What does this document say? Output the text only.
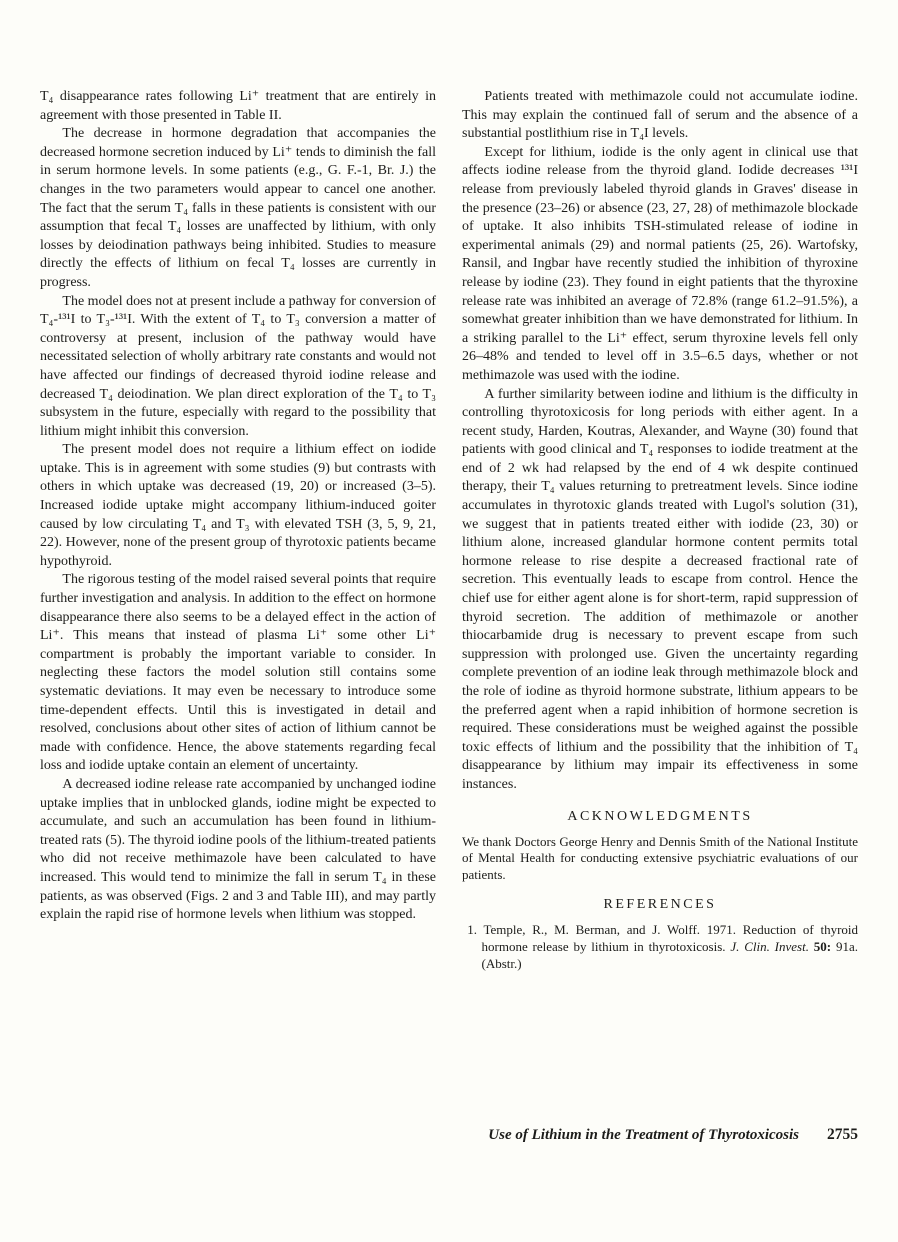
T₄ disappearance rates following Li⁺ treatment that are entirely in agreement with those presented in Table II.

The decrease in hormone degradation that accompanies the decreased hormone secretion induced by Li⁺ tends to diminish the fall in serum hormone levels. In some patients (e.g., G. F.-1, Br. J.) the changes in the two parameters would appear to cancel one another. The fact that the serum T₄ falls in these patients is consistent with our assumption that fecal T₄ losses are unaffected by lithium, with only losses by deiodination pathways being inhibited. Studies to measure directly the effects of lithium on fecal T₄ losses are currently in progress.

The model does not at present include a pathway for conversion of T₄-¹³¹I to T₃-¹³¹I. With the extent of T₄ to T₃ conversion a matter of controversy at present, inclusion of the pathway would have necessitated selection of wholly arbitrary rate constants and would not have affected our findings of decreased thyroid iodine release and decreased T₄ deiodination. We plan direct exploration of the T₄ to T₃ subsystem in the future, especially with regard to the possibility that lithium might inhibit this conversion.

The present model does not require a lithium effect on iodide uptake. This is in agreement with some studies (9) but contrasts with others in which uptake was decreased (19, 20) or increased (3–5). Increased iodide uptake might accompany lithium-induced goiter caused by low circulating T₄ and T₃ with elevated TSH (3, 5, 9, 21, 22). However, none of the present group of thyrotoxic patients became hypothyroid.

The rigorous testing of the model raised several points that require further investigation and analysis. In addition to the effect on hormone disappearance there also seems to be a delayed effect in the action of Li⁺. This means that instead of plasma Li⁺ some other Li⁺ compartment is probably the important variable to consider. In neglecting these factors the model solution still contains some systematic deviations. It may even be necessary to introduce some time-dependent effects. Until this is investigated in detail and resolved, conclusions about other sites of action of lithium cannot be made with confidence. Hence, the above statements regarding fecal loss and iodide uptake contain an element of uncertainty.

A decreased iodine release rate accompanied by unchanged iodine uptake implies that in unblocked glands, iodine might be expected to accumulate, and such an accumulation has been found in lithium-treated rats (5). The thyroid iodine pools of the lithium-treated patients who did not receive methimazole have been calculated to have increased. This would tend to minimize the fall in serum T₄ in these patients, as was observed (Figs. 2 and 3 and Table III), and may partly explain the rapid rise of hormone levels when lithium was stopped.

Patients treated with methimazole could not accumulate iodine. This may explain the continued fall of serum and the absence of a substantial postlithium rise in T₄I levels.

Except for lithium, iodide is the only agent in clinical use that affects iodine release from the thyroid gland. Iodide decreases ¹³¹I release from previously labeled thyroid glands in Graves' disease in the presence (23–26) or absence (23, 27, 28) of methimazole blockade of uptake. It also inhibits TSH-stimulated release of iodine in experimental animals (29) and normal patients (25, 26). Wartofsky, Ransil, and Ingbar have recently studied the inhibition of thyroxine release by iodine (23). They found in eight patients that the thyroxine release rate was inhibited an average of 72.8% (range 61.2–91.5%), a somewhat greater inhibition than we have demonstrated for lithium. In a striking parallel to the Li⁺ effect, serum thyroxine levels fell only 26–48% and tended to level off in 3.5–6.5 days, whether or not methimazole was used with the iodine.

A further similarity between iodine and lithium is the difficulty in controlling thyrotoxicosis for long periods with either agent. In a recent study, Harden, Koutras, Alexander, and Wayne (30) found that patients with good clinical and T₄ responses to iodide treatment at the end of 2 wk had relapsed by the end of 4 wk despite continued therapy, their T₄ values returning to pretreatment levels. Since iodine accumulates in thyrotoxic glands treated with Lugol's solution (31), we suggest that in patients treated either with iodide (23, 30) or lithium alone, increased glandular hormone content permits total hormone release to rise despite a decreased fractional rate of secretion. This eventually leads to escape from control. Hence the chief use for either agent alone is for short-term, rapid suppression of thyroid secretion. The addition of methimazole or another thiocarbamide drug is necessary to prevent escape from such suppression with prolonged use. Given the uncertainty regarding complete prevention of an iodine leak through methimazole block and the role of iodine as thyroid hormone substrate, lithium appears to be the preferred agent when a rapid inhibition of hormone secretion is required. These considerations must be weighed against the possible toxic effects of lithium and the possibility that the inhibition of T₄ disappearance by lithium may impair its effectiveness in some instances.

ACKNOWLEDGMENTS

We thank Doctors George Henry and Dennis Smith of the National Institute of Mental Health for conducting extensive psychiatric evaluations of our patients.

REFERENCES

1. Temple, R., M. Berman, and J. Wolff. 1971. Reduction of thyroid hormone release by lithium in thyrotoxicosis. J. Clin. Invest. 50: 91a. (Abstr.)

Use of Lithium in the Treatment of Thyrotoxicosis 2755
